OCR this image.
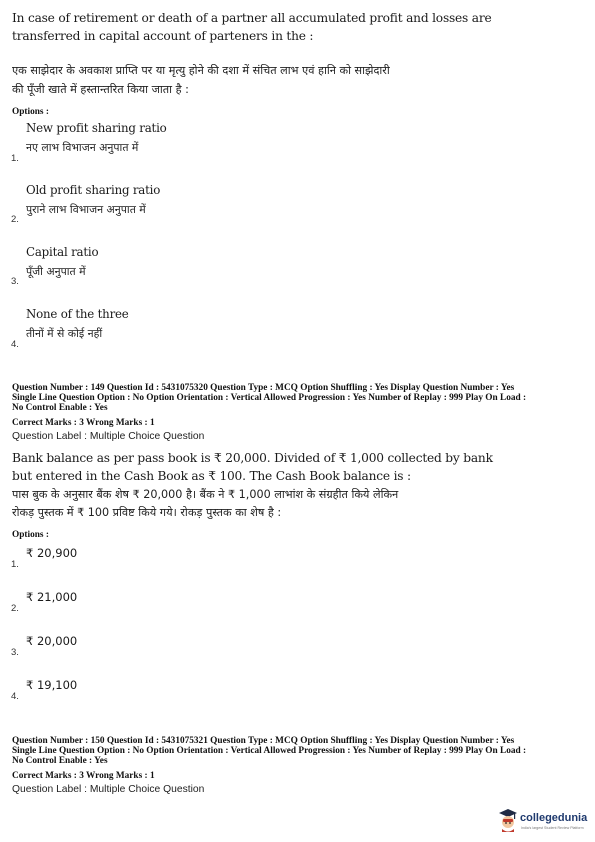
In case of retirement or death of a partner all accumulated profit and losses are
transferred in capital account of parteners in the :
एक साझेदार के अवकाश प्राप्ति पर या मृत्यु होने की दशा में संचित लाभ एवं हानि को साझेदारी
की पूँजी खाते में हस्तान्तरित किया जाता है :
Options :
New profit sharing ratio
नए लाभ विभाजन अनुपात में
1.
Old profit sharing ratio
पुराने लाभ विभाजन अनुपात में
2.
Capital ratio
पूँजी अनुपात में
3.
None of the three
तीनों में से कोई नहीं
4.
Question Number : 149 Question Id : 5431075320 Question Type : MCQ Option Shuffling : Yes Display Question Number : Yes
Single Line Question Option : No Option Orientation : Vertical Allowed Progression : Yes Number of Replay : 999 Play On Load :
No Control Enable : Yes
Correct Marks : 3 Wrong Marks : 1
Question Label : Multiple Choice Question
Bank balance as per pass book is ₹ 20,000. Divided of ₹ 1,000 collected by bank
but entered in the Cash Book as ₹ 100. The Cash Book balance is :
पास बुक के अनुसार बैंक शेष ₹ 20,000 है। बैंक ने ₹ 1,000 लाभांश के संग्रहीत किये लेकिन
रोकड़ पुस्तक में ₹ 100 प्रविष्ट किये गये। रोकड़ पुस्तक का शेष है :
Options :
₹ 20,900
1.
₹ 21,000
2.
₹ 20,000
3.
₹ 19,100
4.
Question Number : 150 Question Id : 5431075321 Question Type : MCQ Option Shuffling : Yes Display Question Number : Yes
Single Line Question Option : No Option Orientation : Vertical Allowed Progression : Yes Number of Replay : 999 Play On Load :
No Control Enable : Yes
Correct Marks : 3 Wrong Marks : 1
Question Label : Multiple Choice Question
collegedunia
India's largest Student Review Platform
